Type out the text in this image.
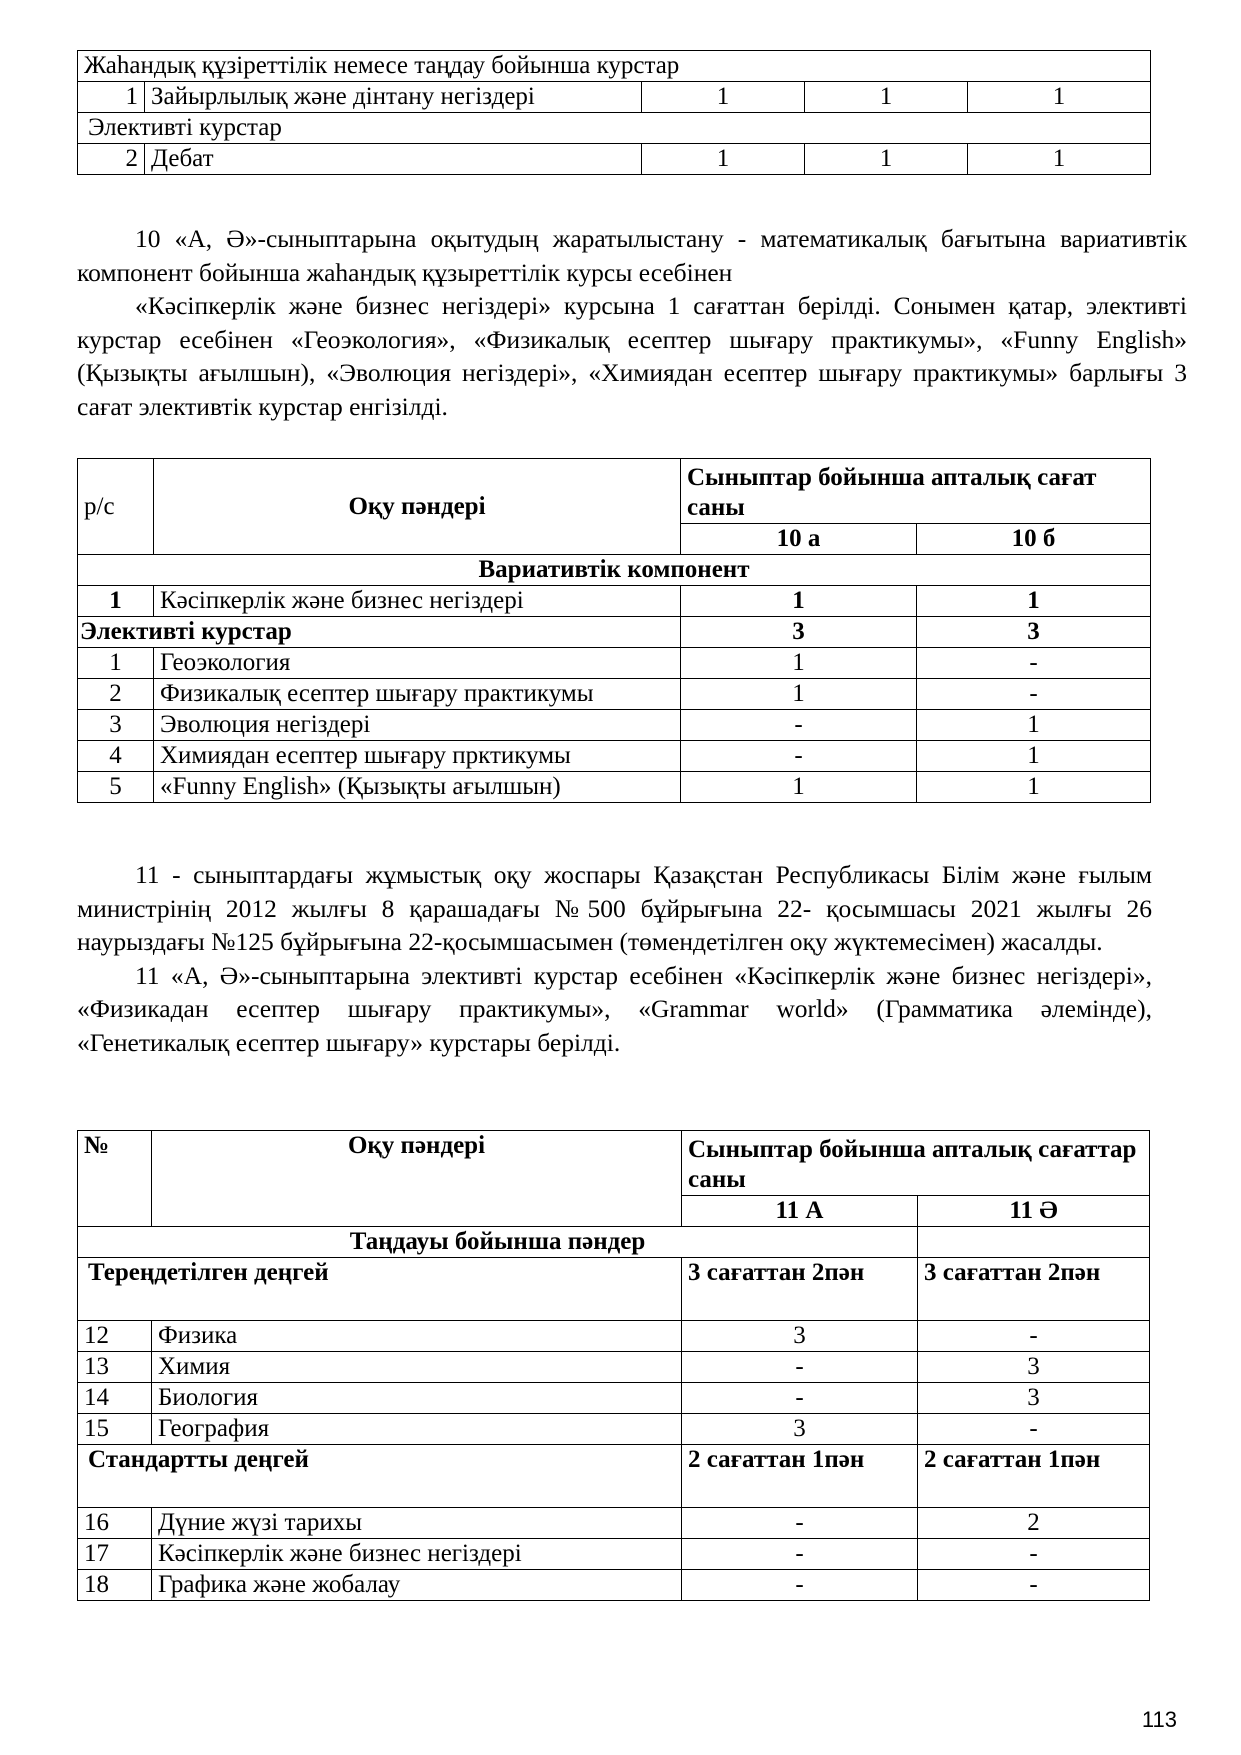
Жаһандық құзіреттілік немесе таңдау бойынша курстар				
1	Зайырлылық және дінтану негіздері	1	1	1
Элективті курстар				
2	Дебат	1	1	1

10 «А, Ә»-сыныптарына оқытудың жаратылыстану - математикалық бағытына вариативтік компонент бойынша жаһандық құзыреттілік курсы есебінен

«Кәсіпкерлік және бизнес негіздері» курсына 1 сағаттан берілді. Сонымен қатар, элективті курстар есебінен «Геоэкология», «Физикалық есептер шығару практикумы», «Funny English» (Қызықты ағылшын), «Эволюция негіздері», «Химиядан есептер шығару практикумы» барлығы 3 сағат элективтік курстар енгізілді.

р/с	Оқу пәндері	Сыныптар бойынша апталық сағат саны	
		10 а	10 б
Вариативтік компонент			
1	Кәсіпкерлік және бизнес негіздері	1	1
Элективті курстар		3	3
1	Геоэкология	1	-
2	Физикалық есептер шығару практикумы	1	-
3	Эволюция негіздері	-	1
4	Химиядан есептер шығару прктикумы	-	1
5	«Funny English» (Қызықты ағылшын)	1	1

11 - сыныптардағы жұмыстық оқу жоспары Қазақстан Республикасы Білім және ғылым министрінің 2012 жылғы 8 қарашадағы №500 бұйрығына 22- қосымшасы 2021 жылғы 26 наурыздағы №125 бұйрығына 22-қосымшасымен (төмендетілген оқу жүктемесімен) жасалды.

11 «А, Ә»-сыныптарына элективті курстар есебінен «Кәсіпкерлік және бизнес негіздері», «Физикадан есептер шығару практикумы», «Grammar world» (Грамматика әлемінде), «Генетикалық есептер шығару» курстары берілді.

№	Оқу пәндері	Сыныптар бойынша апталық сағаттар саны	
		11 А	11 Ә
Таңдауы бойынша пәндер			
Тереңдетілген деңгей		3 сағаттан 2пән	3 сағаттан 2пән
12	Физика	3	-
13	Химия	-	3
14	Биология	-	3
15	География	3	-
Стандартты деңгей		2 сағаттан 1пән	2 сағаттан 1пән
16	Дүние жүзі тарихы	-	2
17	Кәсіпкерлік және бизнес негіздері	-	-
18	Графика және жобалау	-	-
113
